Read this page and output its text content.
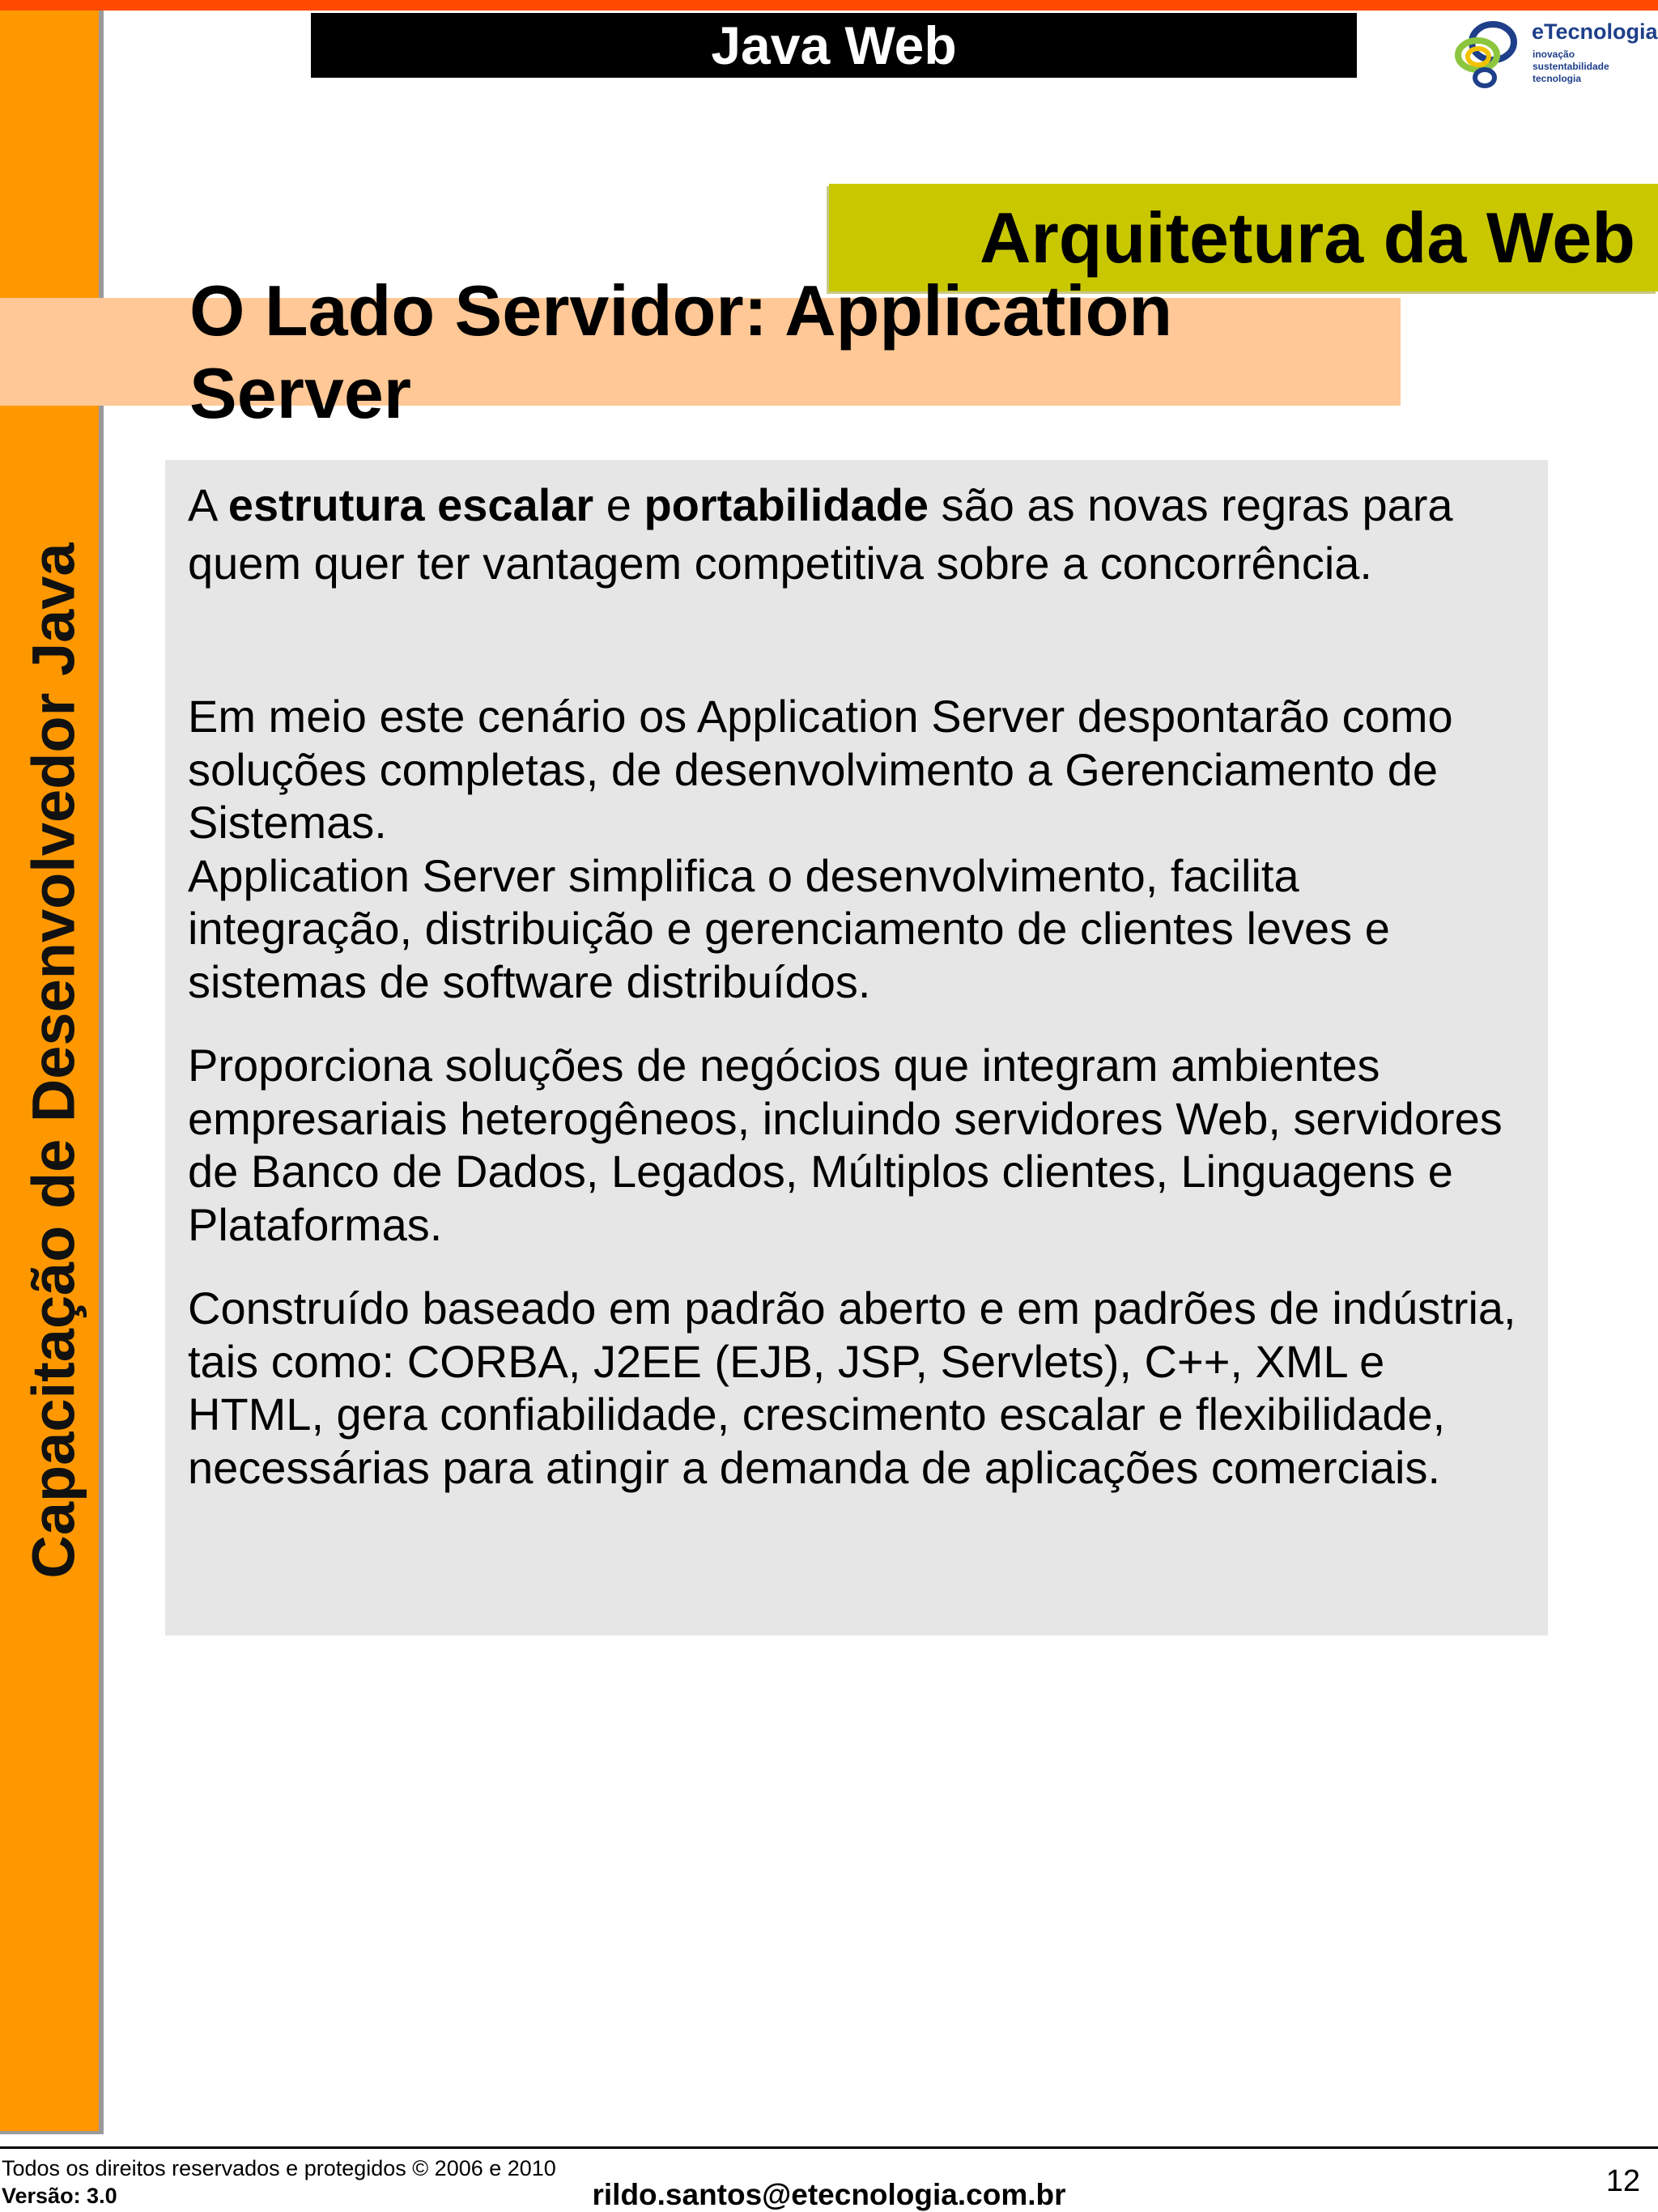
Capacitação de Desenvolvedor Java
Java Web	eTecnologia
inovação
sustentabilidade
tecnologia
Arquitetura da Web
O Lado Servidor: Application Server

A estrutura escalar e portabilidade são as novas regras para quem quer ter vantagem competitiva sobre a concorrência.

Em meio este cenário os Application Server despontarão como soluções completas, de desenvolvimento a Gerenciamento de Sistemas.

Application Server simplifica o desenvolvimento, facilita integração, distribuição e gerenciamento de clientes leves e sistemas de software distribuídos.

Proporciona soluções de negócios que integram ambientes empresariais heterogêneos, incluindo servidores Web, servidores de Banco de Dados, Legados, Múltiplos clientes, Linguagens e Plataformas.

Construído baseado em padrão aberto e em padrões de indústria, tais como: CORBA, J2EE (EJB, JSP, Servlets), C++, XML e HTML, gera confiabilidade, crescimento escalar e flexibilidade, necessárias para atingir a demanda de aplicações comerciais.

Todos os direitos reservados e protegidos © 2006 e 2010
Versão: 3.0	rildo.santos@etecnologia.com.br	12
